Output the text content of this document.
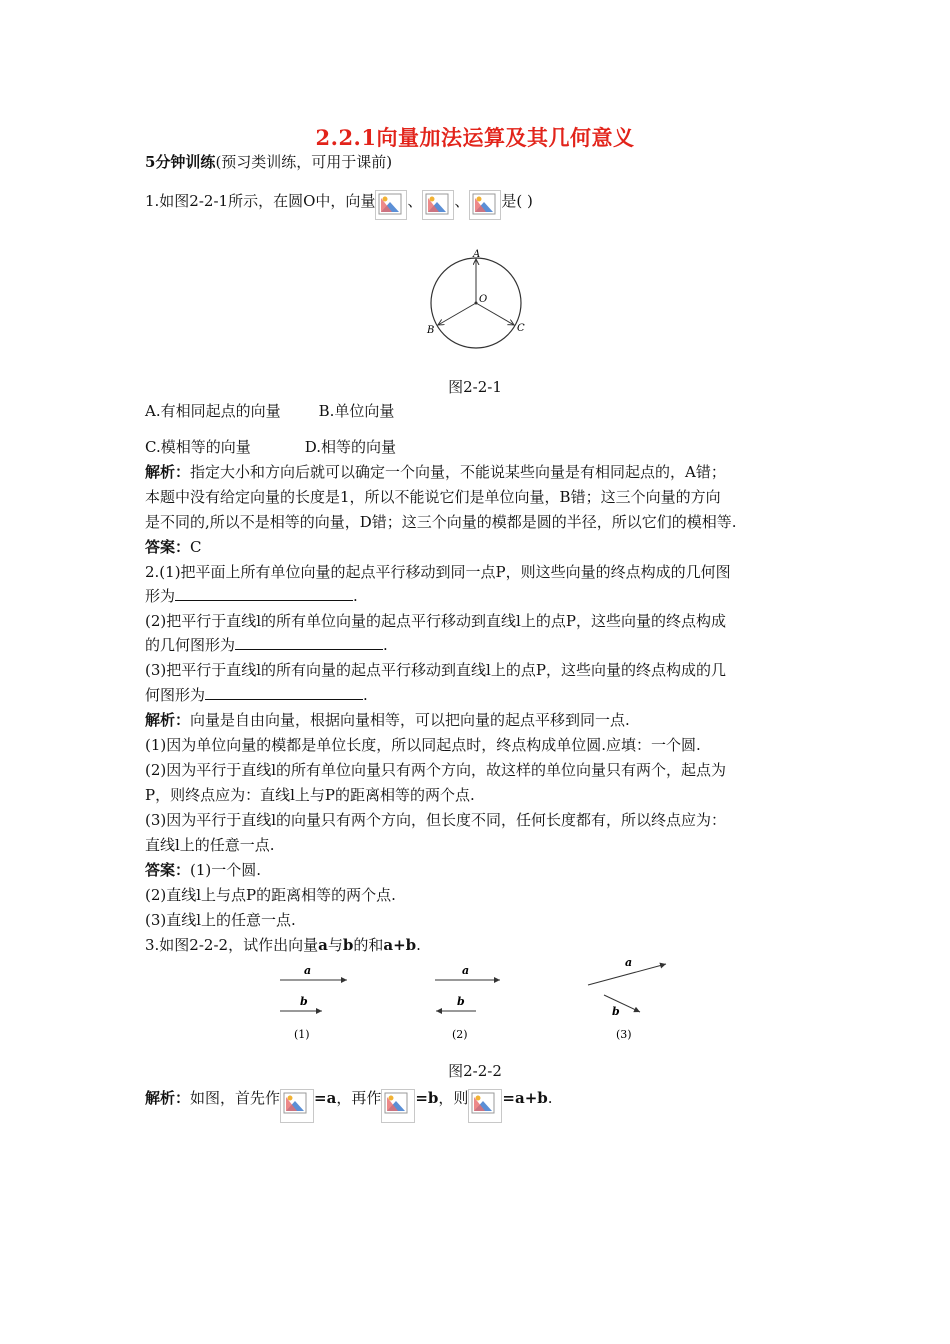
2.2.1向量加法运算及其几何意义
5分钟训练(预习类训练，可用于课前)
1.如图2-2-1所示，在圆O中，向量 、 、 是( )
A
O
B	C
图2-2-1
A.有相同起点的向量	B.单位向量
C.模相等的向量	D.相等的向量
解析：指定大小和方向后就可以确定一个向量，不能说某些向量是有相同起点的，A错；
本题中没有给定向量的长度是1，所以不能说它们是单位向量，B错；这三个向量的方向
是不同的,所以不是相等的向量，D错；这三个向量的模都是圆的半径，所以它们的模相等.
答案：C
2.(1)把平面上所有单位向量的起点平行移动到同一点P，则这些向量的终点构成的几何图
形为	.
(2)把平行于直线l的所有单位向量的起点平行移动到直线l上的点P，这些向量的终点构成
的几何图形为	.
(3)把平行于直线l的所有向量的起点平行移动到直线l上的点P，这些向量的终点构成的几
何图形为	.
解析：向量是自由向量，根据向量相等，可以把向量的起点平移到同一点.
(1)因为单位向量的模都是单位长度，所以同起点时，终点构成单位圆.应填：一个圆.
(2)因为平行于直线l的所有单位向量只有两个方向，故这样的单位向量只有两个，起点为
P，则终点应为：直线l上与P的距离相等的两个点.
(3)因为平行于直线l的向量只有两个方向，但长度不同，任何长度都有，所以终点应为：
直线l上的任意一点.
答案：(1)一个圆.
(2)直线l上与点P的距离相等的两个点.
(3)直线l上的任意一点.
3.如图2-2-2，试作出向量a与b的和a+b.
a
b
(1)
a
b
(2)
a
b
(3)
图2-2-2
解析：如图，首先作 =a，再作 =b，则 =a+b.
